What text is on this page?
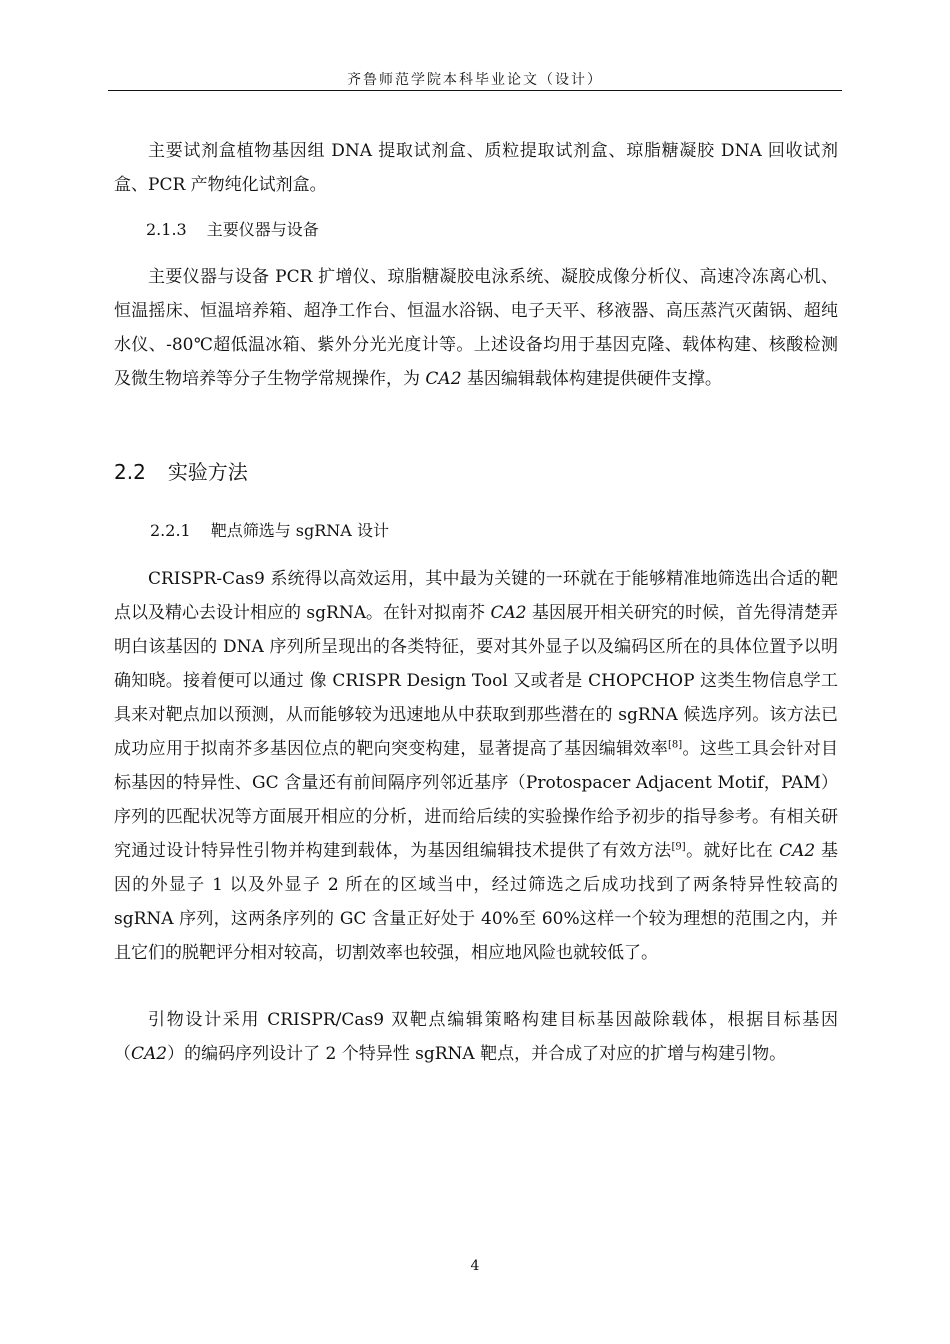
齐鲁师范学院本科毕业论文（设计）

主要试剂盒植物基因组 DNA 提取试剂盒、质粒提取试剂盒、琼脂糖凝胶 DNA 回收试剂盒、PCR 产物纯化试剂盒。

2.1.3 主要仪器与设备

主要仪器与设备 PCR 扩增仪、琼脂糖凝胶电泳系统、凝胶成像分析仪、高速冷冻离心机、恒温摇床、恒温培养箱、超净工作台、恒温水浴锅、电子天平、移液器、高压蒸汽灭菌锅、超纯水仪、-80℃超低温冰箱、紫外分光光度计等。上述设备均用于基因克隆、载体构建、核酸检测及微生物培养等分子生物学常规操作，为 CA2 基因编辑载体构建提供硬件支撑。

2.2 实验方法

2.2.1 靶点筛选与 sgRNA 设计

CRISPR-Cas9 系统得以高效运用，其中最为关键的一环就在于能够精准地筛选出合适的靶点以及精心去设计相应的 sgRNA。在针对拟南芥 CA2 基因展开相关研究的时候，首先得清楚弄明白该基因的 DNA 序列所呈现出的各类特征，要对其外显子以及编码区所在的具体位置予以明确知晓。接着便可以通过 像 CRISPR Design Tool 又或者是 CHOPCHOP 这类生物信息学工具来对靶点加以预测，从而能够较为迅速地从中获取到那些潜在的 sgRNA 候选序列。该方法已成功应用于拟南芥多基因位点的靶向突变构建，显著提高了基因编辑效率[8]。这些工具会针对目标基因的特异性、GC 含量还有前间隔序列邻近基序（Protospacer Adjacent Motif，PAM）序列的匹配状况等方面展开相应的分析，进而给后续的实验操作给予初步的指导参考。有相关研究通过设计特异性引物并构建到载体，为基因组编辑技术提供了有效方法[9]。就好比在 CA2 基因的外显子 1 以及外显子 2 所在的区域当中，经过筛选之后成功找到了两条特异性较高的 sgRNA 序列，这两条序列的 GC 含量正好处于 40%至 60%这样一个较为理想的范围之内，并且它们的脱靶评分相对较高，切割效率也较强，相应地风险也就较低了。

引物设计采用 CRISPR/Cas9 双靶点编辑策略构建目标基因敲除载体，根据目标基因（CA2）的编码序列设计了 2 个特异性 sgRNA 靶点，并合成了对应的扩增与构建引物。

4
